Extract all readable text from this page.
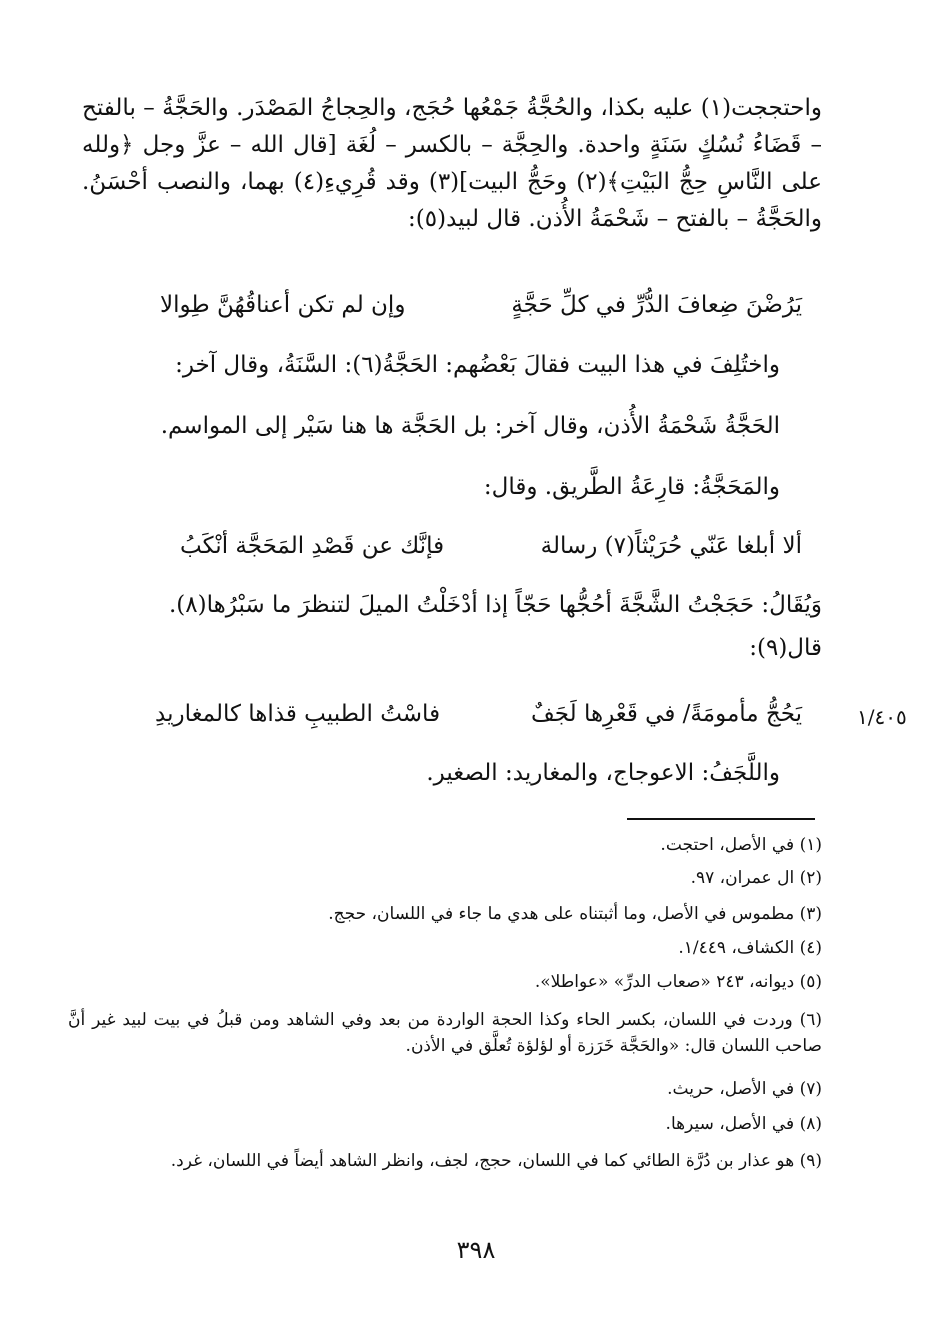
واحتججت(١) عليه بكذا، والحُجَّةُ جَمْعُها حُجَج، والحِجاجُ المَصْدَر. والحَجَّةُ – بالفتح – قَضَاءُ نُسُكٍ سَنَةٍ واحدة. والحِجَّة – بالكسر – لُغَة [قال الله – عزَّ وجل ﴿ولله على النَّاسِ حِجُّ البَيْتِ﴾(٢) وحَجُّ البيت](٣) وقد قُرِيءِ(٤) بهما، والنصب أحْسَنُ. والحَجَّةُ – بالفتح – شَحْمَةُ الأُذن. قال لبيد(٥):

يَرُضْنَ ضِعافَ الدُّرِّ في كلِّ حَجَّةٍ
وإن لم تكن أعناقُهُنَّ طِوالا
واختُلِفَ في هذا البيت فقالَ بَعْضُهم: الحَجَّةُ(٦): السَّنَةُ، وقال آخر:
الحَجَّةُ شَحْمَةُ الأُذن، وقال آخر: بل الحَجَّة ها هنا سَيْر إلى المواسم.
والمَحَجَّةُ: قارِعَةُ الطَّريق. وقال:
ألا أبلغا عَنّي حُرَيْثاً(٧) رسالة
فإنَّك عن قَصْدِ المَحَجَّة أنْكَبُ
وَيُقَالُ: حَجَجْتُ الشَّجَّةَ أحُجُّها حَجّاً إذا أدْخَلْتُ الميلَ لتنظرَ ما سَبْرُها(٨).
قال(٩):
يَحُجُّ مأمومَةً/ في قَعْرِها لَجَفٌ
فاسْتُ الطبيبِ قذاها كالمغاريدِ	١/٤٠٥
واللَّجَفُ: الاعوجاج، والمغاريد: الصغير.
(١) في الأصل، احتجت.
(٢) ال عمران، ٩٧.
(٣) مطموس في الأصل، وما أثبتناه على هدي ما جاء في اللسان، حجج.
(٤) الكشاف، ١/٤٤٩.
(٥) ديوانه، ٢٤٣ «صعاب الدرِّ» «عواطلا».
(٦) وردت في اللسان، بكسر الحاء وكذا الحجة الواردة من بعد وفي الشاهد ومن قبلُ في بيت لبيد غير أنَّ صاحب اللسان قال: «والحَجَّة خَرَزة أو لؤلؤة تُعلَّق في الأذن.
(٧) في الأصل، حريث.
(٨) في الأصل، سيرها.
(٩) هو عذار بن دُرَّة الطائي كما في اللسان، حجج، لجف، وانظر الشاهد أيضاً في اللسان، غرد.
٣٩٨
